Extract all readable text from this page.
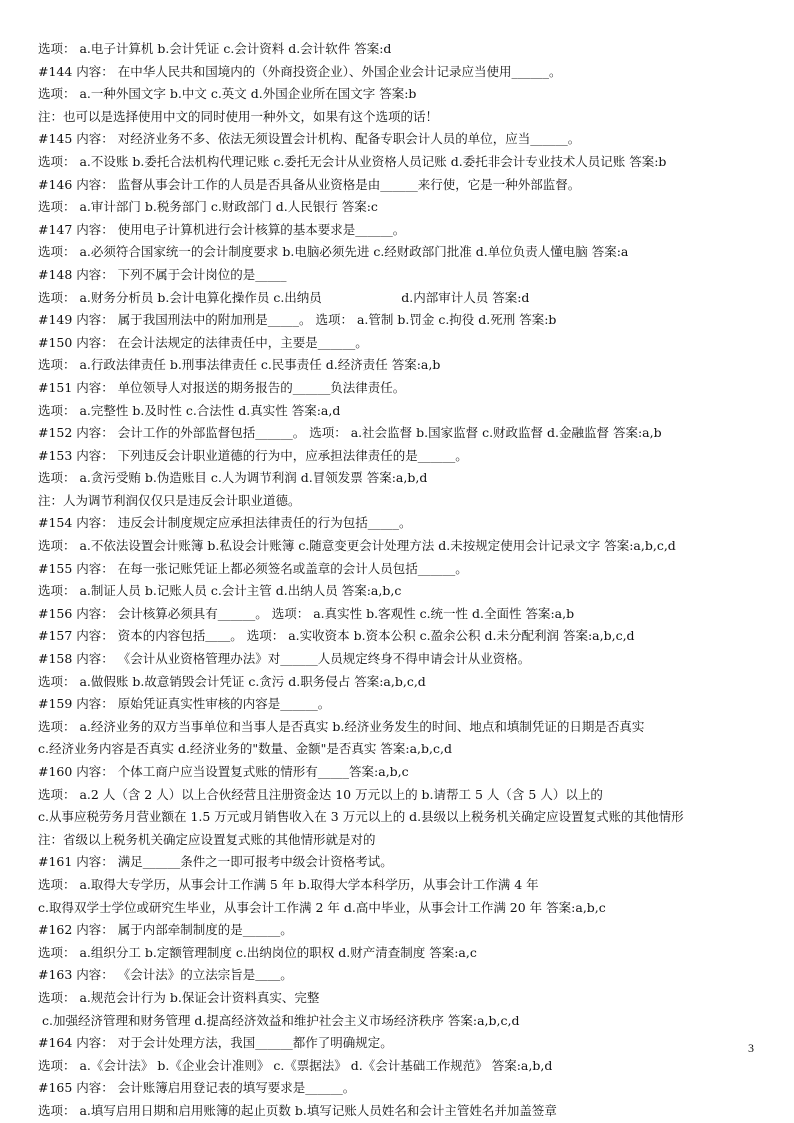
选项： a.电子计算机 b.会计凭证 c.会计资料 d.会计软件 答案:d
#144 内容： 在中华人民共和国境内的（外商投资企业）、外国企业会计记录应当使用______。
选项： a.一种外国文字 b.中文 c.英文 d.外国企业所在国文字 答案:b
注：也可以是选择使用中文的同时使用一种外文，如果有这个选项的话！
#145 内容： 对经济业务不多、依法无须设置会计机构、配备专职会计人员的单位，应当______。
选项： a.不设账 b.委托合法机构代理记账 c.委托无会计从业资格人员记账 d.委托非会计专业技术人员记账 答案:b
#146 内容： 监督从事会计工作的人员是否具备从业资格是由______来行使，它是一种外部监督。
选项： a.审计部门 b.税务部门 c.财政部门 d.人民银行 答案:c
#147 内容： 使用电子计算机进行会计核算的基本要求是______。
选项： a.必须符合国家统一的会计制度要求 b.电脑必须先进 c.经财政部门批准 d.单位负责人懂电脑 答案:a
#148 内容： 下列不属于会计岗位的是_____
选项： a.财务分析员 b.会计电算化操作员 c.出纳员                    d.内部审计人员 答案:d
#149 内容： 属于我国刑法中的附加刑是_____。 选项： a.管制 b.罚金 c.拘役 d.死刑 答案:b
#150 内容： 在会计法规定的法律责任中，主要是______。
选项： a.行政法律责任 b.刑事法律责任 c.民事责任 d.经济责任 答案:a,b
#151 内容： 单位领导人对报送的期务报告的______负法律责任。
选项： a.完整性 b.及时性 c.合法性 d.真实性 答案:a,d
#152 内容： 会计工作的外部监督包括______。 选项： a.社会监督 b.国家监督 c.财政监督 d.金融监督 答案:a,b
#153 内容： 下列违反会计职业道德的行为中，应承担法律责任的是______。
选项： a.贪污受贿 b.伪造账目 c.人为调节利润 d.冒领发票 答案:a,b,d
注：人为调节利润仅仅只是违反会计职业道德。
#154 内容： 违反会计制度规定应承担法律责任的行为包括_____。
选项： a.不依法设置会计账簿 b.私设会计账簿 c.随意变更会计处理方法 d.未按规定使用会计记录文字 答案:a,b,c,d
#155 内容： 在每一张记账凭证上都必须签名或盖章的会计人员包括______。
选项： a.制证人员 b.记账人员 c.会计主管 d.出纳人员 答案:a,b,c
#156 内容： 会计核算必须具有______。 选项： a.真实性 b.客观性 c.统一性 d.全面性 答案:a,b
#157 内容： 资本的内容包括＿＿。 选项： a.实收资本 b.资本公积 c.盈余公积 d.未分配利润 答案:a,b,c,d
#158 内容： 《会计从业资格管理办法》对______人员规定终身不得申请会计从业资格。
选项： a.做假账 b.故意销毁会计凭证 c.贪污 d.职务侵占 答案:a,b,c,d
#159 内容： 原始凭证真实性审核的内容是______。
选项： a.经济业务的双方当事单位和当事人是否真实 b.经济业务发生的时间、地点和填制凭证的日期是否真实
c.经济业务内容是否真实 d.经济业务的"数量、金额"是否真实 答案:a,b,c,d
#160 内容： 个体工商户应当设置复式账的情形有_____答案:a,b,c
选项： a.2 人（含 2 人）以上合伙经营且注册资金达 10 万元以上的 b.请帮工 5 人（含 5 人）以上的
c.从事应税劳务月营业额在 1.5 万元或月销售收入在 3 万元以上的 d.县级以上税务机关确定应设置复式账的其他情形
注：省级以上税务机关确定应设置复式账的其他情形就是对的
#161 内容： 满足______条件之一即可报考中级会计资格考试。
选项： a.取得大专学历，从事会计工作满 5 年 b.取得大学本科学历，从事会计工作满 4 年
c.取得双学士学位或研究生毕业，从事会计工作满 2 年 d.高中毕业，从事会计工作满 20 年 答案:a,b,c
#162 内容： 属于内部牵制制度的是______。
选项： a.组织分工 b.定额管理制度 c.出纳岗位的职权 d.财产清查制度 答案:a,c
#163 内容： 《会计法》的立法宗旨是＿＿。
选项： a.规范会计行为 b.保证会计资料真实、完整
c.加强经济管理和财务管理 d.提高经济效益和维护社会主义市场经济秩序 答案:a,b,c,d
#164 内容： 对于会计处理方法，我国______都作了明确规定。
选项： a.《会计法》 b.《企业会计准则》 c.《票据法》 d.《会计基础工作规范》 答案:a,b,d
#165 内容： 会计账簿启用登记表的填写要求是______。
选项： a.填写启用日期和启用账簿的起止页数 b.填写记账人员姓名和会计主管姓名并加盖签章
3
